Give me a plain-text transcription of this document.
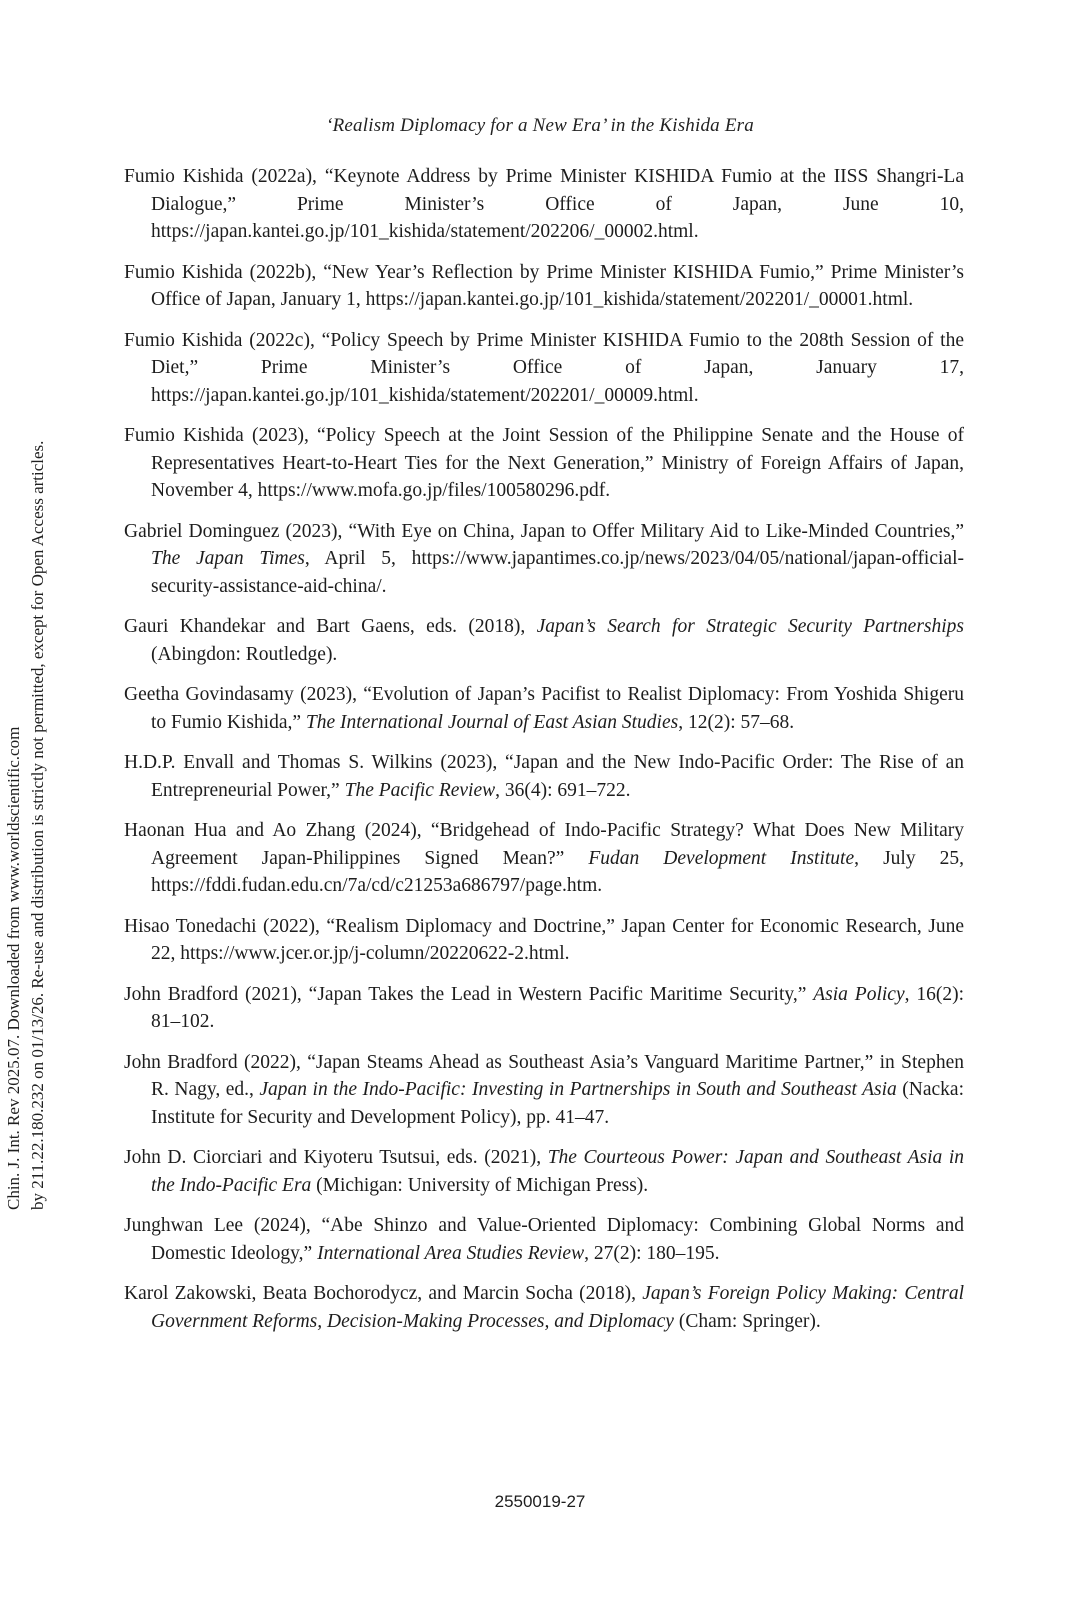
‘Realism Diplomacy for a New Era’ in the Kishida Era
Chin. J. Int. Rev 2025.07. Downloaded from www.worldscientific.com by 211.22.180.232 on 01/13/26. Re-use and distribution is strictly not permitted, except for Open Access articles.
Fumio Kishida (2022a), “Keynote Address by Prime Minister KISHIDA Fumio at the IISS Shangri-La Dialogue,” Prime Minister’s Office of Japan, June 10, https://japan.kantei.go.jp/101_kishida/statement/202206/_00002.html.
Fumio Kishida (2022b), “New Year’s Reflection by Prime Minister KISHIDA Fumio,” Prime Minister’s Office of Japan, January 1, https://japan.kantei.go.jp/101_kishida/statement/202201/_00001.html.
Fumio Kishida (2022c), “Policy Speech by Prime Minister KISHIDA Fumio to the 208th Session of the Diet,” Prime Minister’s Office of Japan, January 17, https://japan.kantei.go.jp/101_kishida/statement/202201/_00009.html.
Fumio Kishida (2023), “Policy Speech at the Joint Session of the Philippine Senate and the House of Representatives Heart-to-Heart Ties for the Next Generation,” Ministry of Foreign Affairs of Japan, November 4, https://www.mofa.go.jp/files/100580296.pdf.
Gabriel Dominguez (2023), “With Eye on China, Japan to Offer Military Aid to Like-Minded Countries,” The Japan Times, April 5, https://www.japantimes.co.jp/news/2023/04/05/national/japan-official-security-assistance-aid-china/.
Gauri Khandekar and Bart Gaens, eds. (2018), Japan’s Search for Strategic Security Partnerships (Abingdon: Routledge).
Geetha Govindasamy (2023), “Evolution of Japan’s Pacifist to Realist Diplomacy: From Yoshida Shigeru to Fumio Kishida,” The International Journal of East Asian Studies, 12(2): 57–68.
H.D.P. Envall and Thomas S. Wilkins (2023), “Japan and the New Indo-Pacific Order: The Rise of an Entrepreneurial Power,” The Pacific Review, 36(4): 691–722.
Haonan Hua and Ao Zhang (2024), “Bridgehead of Indo-Pacific Strategy? What Does New Military Agreement Japan-Philippines Signed Mean?” Fudan Development Institute, July 25, https://fddi.fudan.edu.cn/7a/cd/c21253a686797/page.htm.
Hisao Tonedachi (2022), “Realism Diplomacy and Doctrine,” Japan Center for Economic Research, June 22, https://www.jcer.or.jp/j-column/20220622-2.html.
John Bradford (2021), “Japan Takes the Lead in Western Pacific Maritime Security,” Asia Policy, 16(2): 81–102.
John Bradford (2022), “Japan Steams Ahead as Southeast Asia’s Vanguard Maritime Partner,” in Stephen R. Nagy, ed., Japan in the Indo-Pacific: Investing in Partnerships in South and Southeast Asia (Nacka: Institute for Security and Development Policy), pp. 41–47.
John D. Ciorciari and Kiyoteru Tsutsui, eds. (2021), The Courteous Power: Japan and Southeast Asia in the Indo-Pacific Era (Michigan: University of Michigan Press).
Junghwan Lee (2024), “Abe Shinzo and Value-Oriented Diplomacy: Combining Global Norms and Domestic Ideology,” International Area Studies Review, 27(2): 180–195.
Karol Zakowski, Beata Bochorodycz, and Marcin Socha (2018), Japan’s Foreign Policy Making: Central Government Reforms, Decision-Making Processes, and Diplomacy (Cham: Springer).
2550019-27
